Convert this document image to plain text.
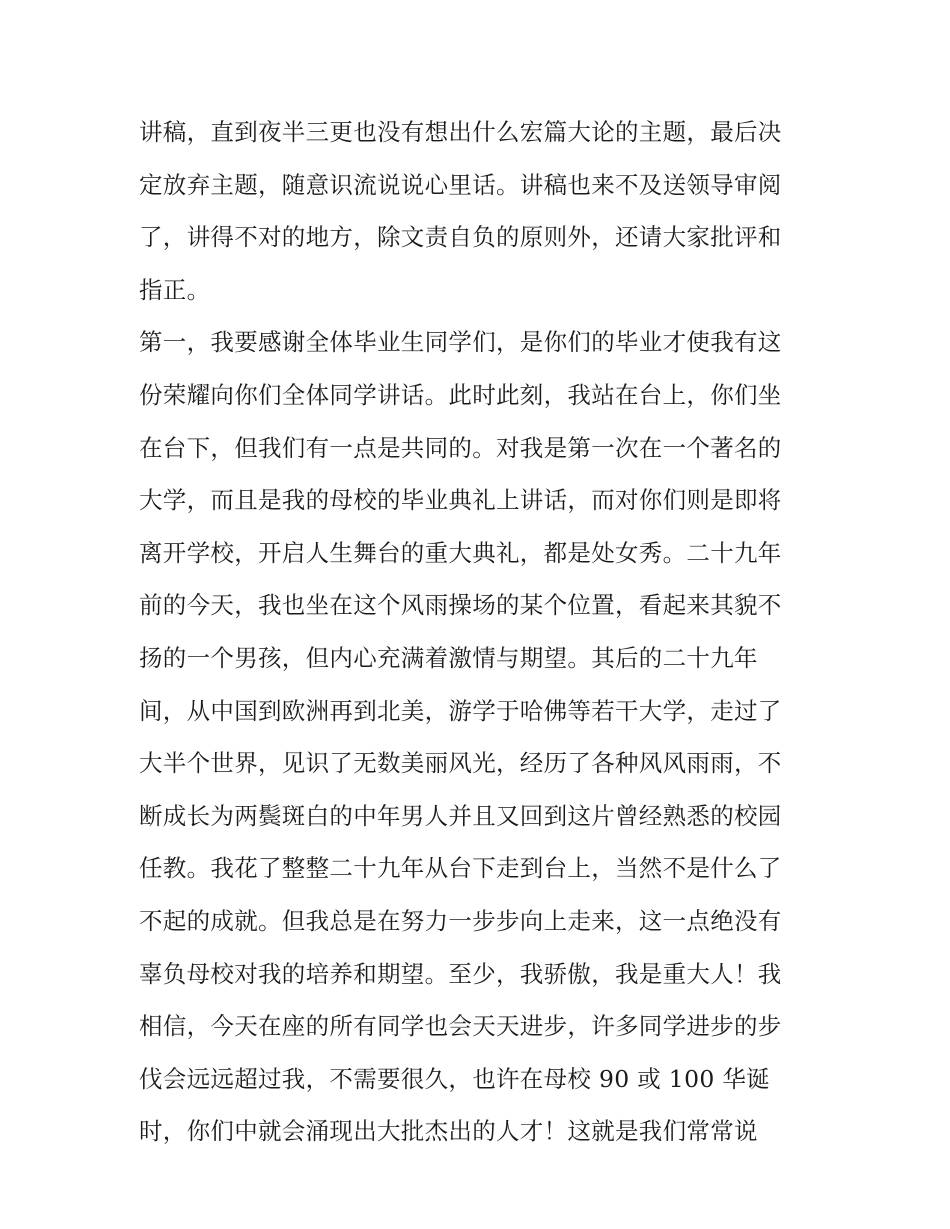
讲稿，直到夜半三更也没有想出什么宏篇大论的主题，最后决
定放弃主题，随意识流说说心里话。讲稿也来不及送领导审阅
了，讲得不对的地方，除文责自负的原则外，还请大家批评和
指正。
第一，我要感谢全体毕业生同学们，是你们的毕业才使我有这
份荣耀向你们全体同学讲话。此时此刻，我站在台上，你们坐
在台下，但我们有一点是共同的。对我是第一次在一个著名的
大学，而且是我的母校的毕业典礼上讲话，而对你们则是即将
离开学校，开启人生舞台的重大典礼，都是处女秀。二十九年
前的今天，我也坐在这个风雨操场的某个位置，看起来其貌不
扬的一个男孩，但内心充满着激情与期望。其后的二十九年
间，从中国到欧洲再到北美，游学于哈佛等若干大学，走过了
大半个世界，见识了无数美丽风光，经历了各种风风雨雨，不
断成长为两鬓斑白的中年男人并且又回到这片曾经熟悉的校园
任教。我花了整整二十九年从台下走到台上，当然不是什么了
不起的成就。但我总是在努力一步步向上走来，这一点绝没有
辜负母校对我的培养和期望。至少，我骄傲，我是重大人！我
相信，今天在座的所有同学也会天天进步，许多同学进步的步
伐会远远超过我，不需要很久，也许在母校 90 或 100 华诞
时，你们中就会涌现出大批杰出的人才！这就是我们常常说
